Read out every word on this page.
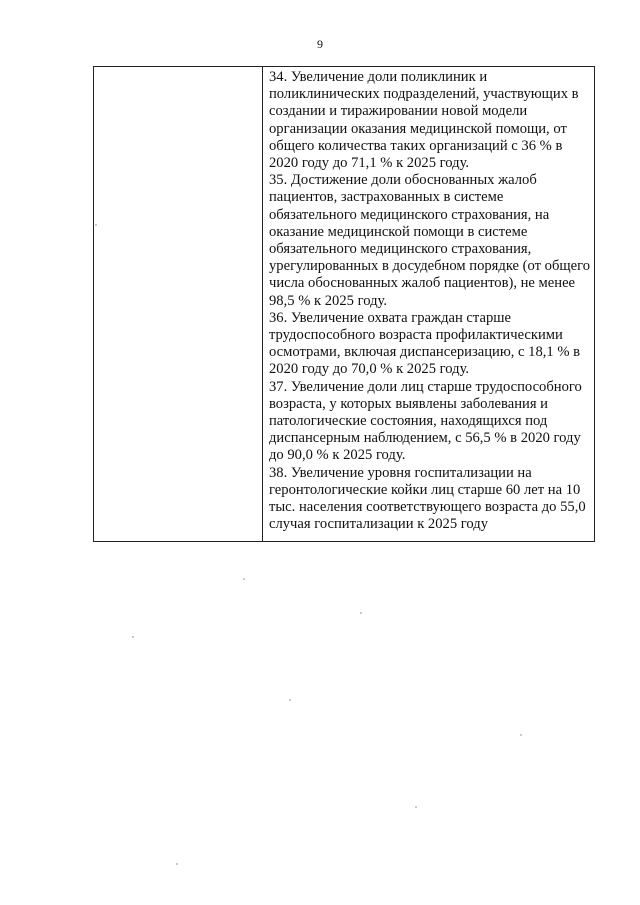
9

34. Увеличение доли поликлиник и поликлинических подразделений, участвующих в создании и тиражировании новой модели организации оказания медицинской помощи, от общего количества таких организаций с 36 % в 2020 году до 71,1 % к 2025 году.

35. Достижение доли обоснованных жалоб пациентов, застрахованных в системе обязательного медицинского страхования, на оказание медицинской помощи в системе обязательного медицинского страхования, урегулированных в досудебном порядке (от общего числа обоснованных жалоб пациентов), не менее 98,5 % к 2025 году.

36. Увеличение охвата граждан старше трудоспособного возраста профилактическими осмотрами, включая диспансеризацию, с 18,1 % в 2020 году до 70,0 % к 2025 году.

37. Увеличение доли лиц старше трудоспособного возраста, у которых выявлены заболевания и патологические состояния, находящихся под диспансерным наблюдением, с 56,5 % в 2020 году до 90,0 % к 2025 году.

38. Увеличение уровня госпитализации на геронтологические койки лиц старше 60 лет на 10 тыс. населения соответствующего возраста до 55,0 случая госпитализации к 2025 году
